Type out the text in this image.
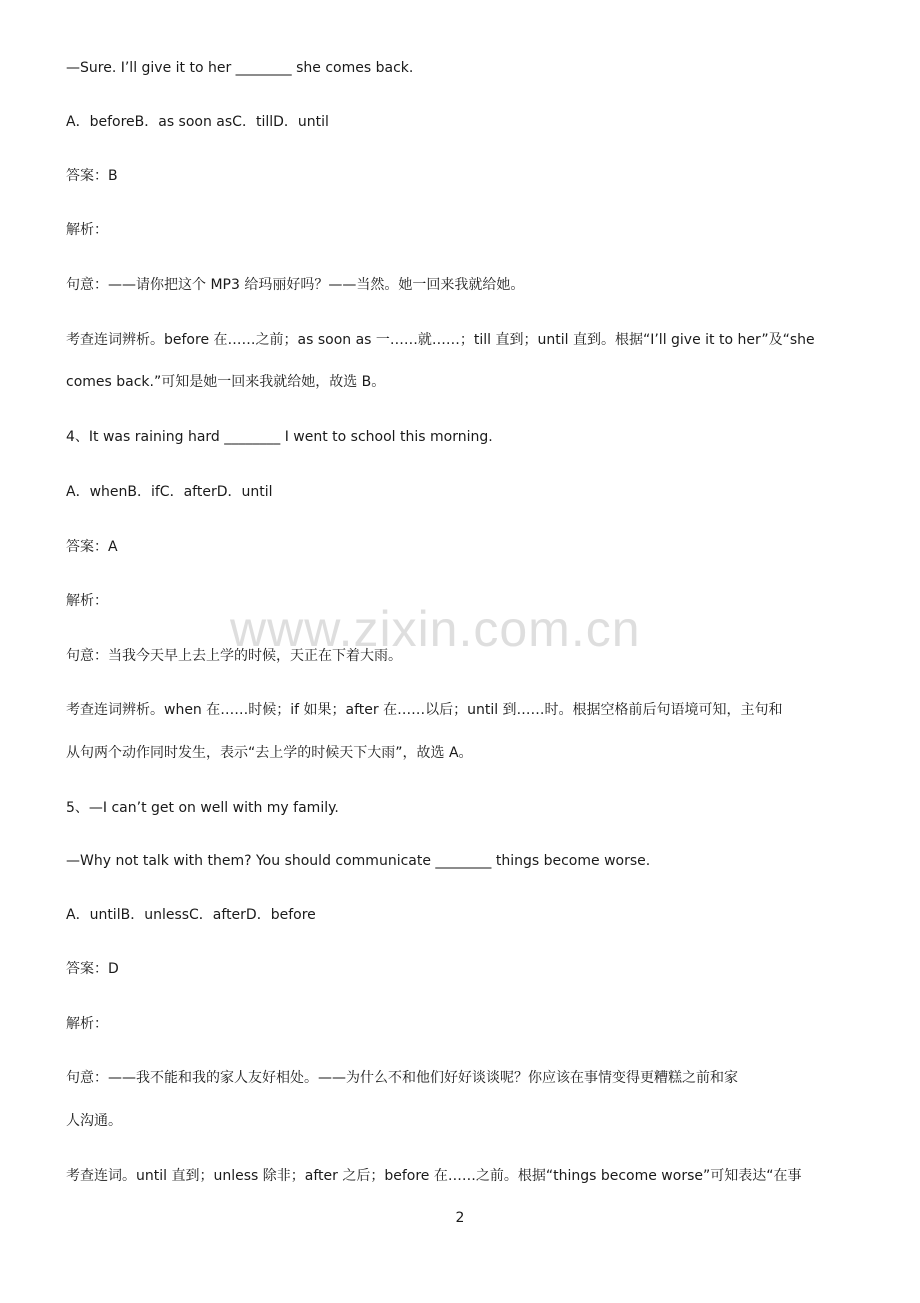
www.zixin.com.cn
—Sure. I’ll give it to her ________ she comes back.
A．beforeB．as soon asC．tillD．until
答案：B
解析：
句意：——请你把这个 MP3 给玛丽好吗？——当然。她一回来我就给她。
考查连词辨析。before 在……之前；as soon as 一……就……；till 直到；until 直到。根据“I’ll give it to her”及“she
comes back.”可知是她一回来我就给她，故选 B。
4、It was raining hard ________ I went to school this morning.
A．whenB．ifC．afterD．until
答案：A
解析：
句意：当我今天早上去上学的时候，天正在下着大雨。
考查连词辨析。when 在……时候；if 如果；after 在……以后；until 到……时。根据空格前后句语境可知，主句和
从句两个动作同时发生，表示“去上学的时候天下大雨”，故选 A。
5、—I can’t get on well with my family.
—Why not talk with them? You should communicate ________ things become worse.
A．untilB．unlessC．afterD．before
答案：D
解析：
句意：——我不能和我的家人友好相处。——为什么不和他们好好谈谈呢？你应该在事情变得更糟糕之前和家
人沟通。
考查连词。until 直到；unless 除非；after 之后；before 在……之前。根据“things become worse”可知表达“在事
2
